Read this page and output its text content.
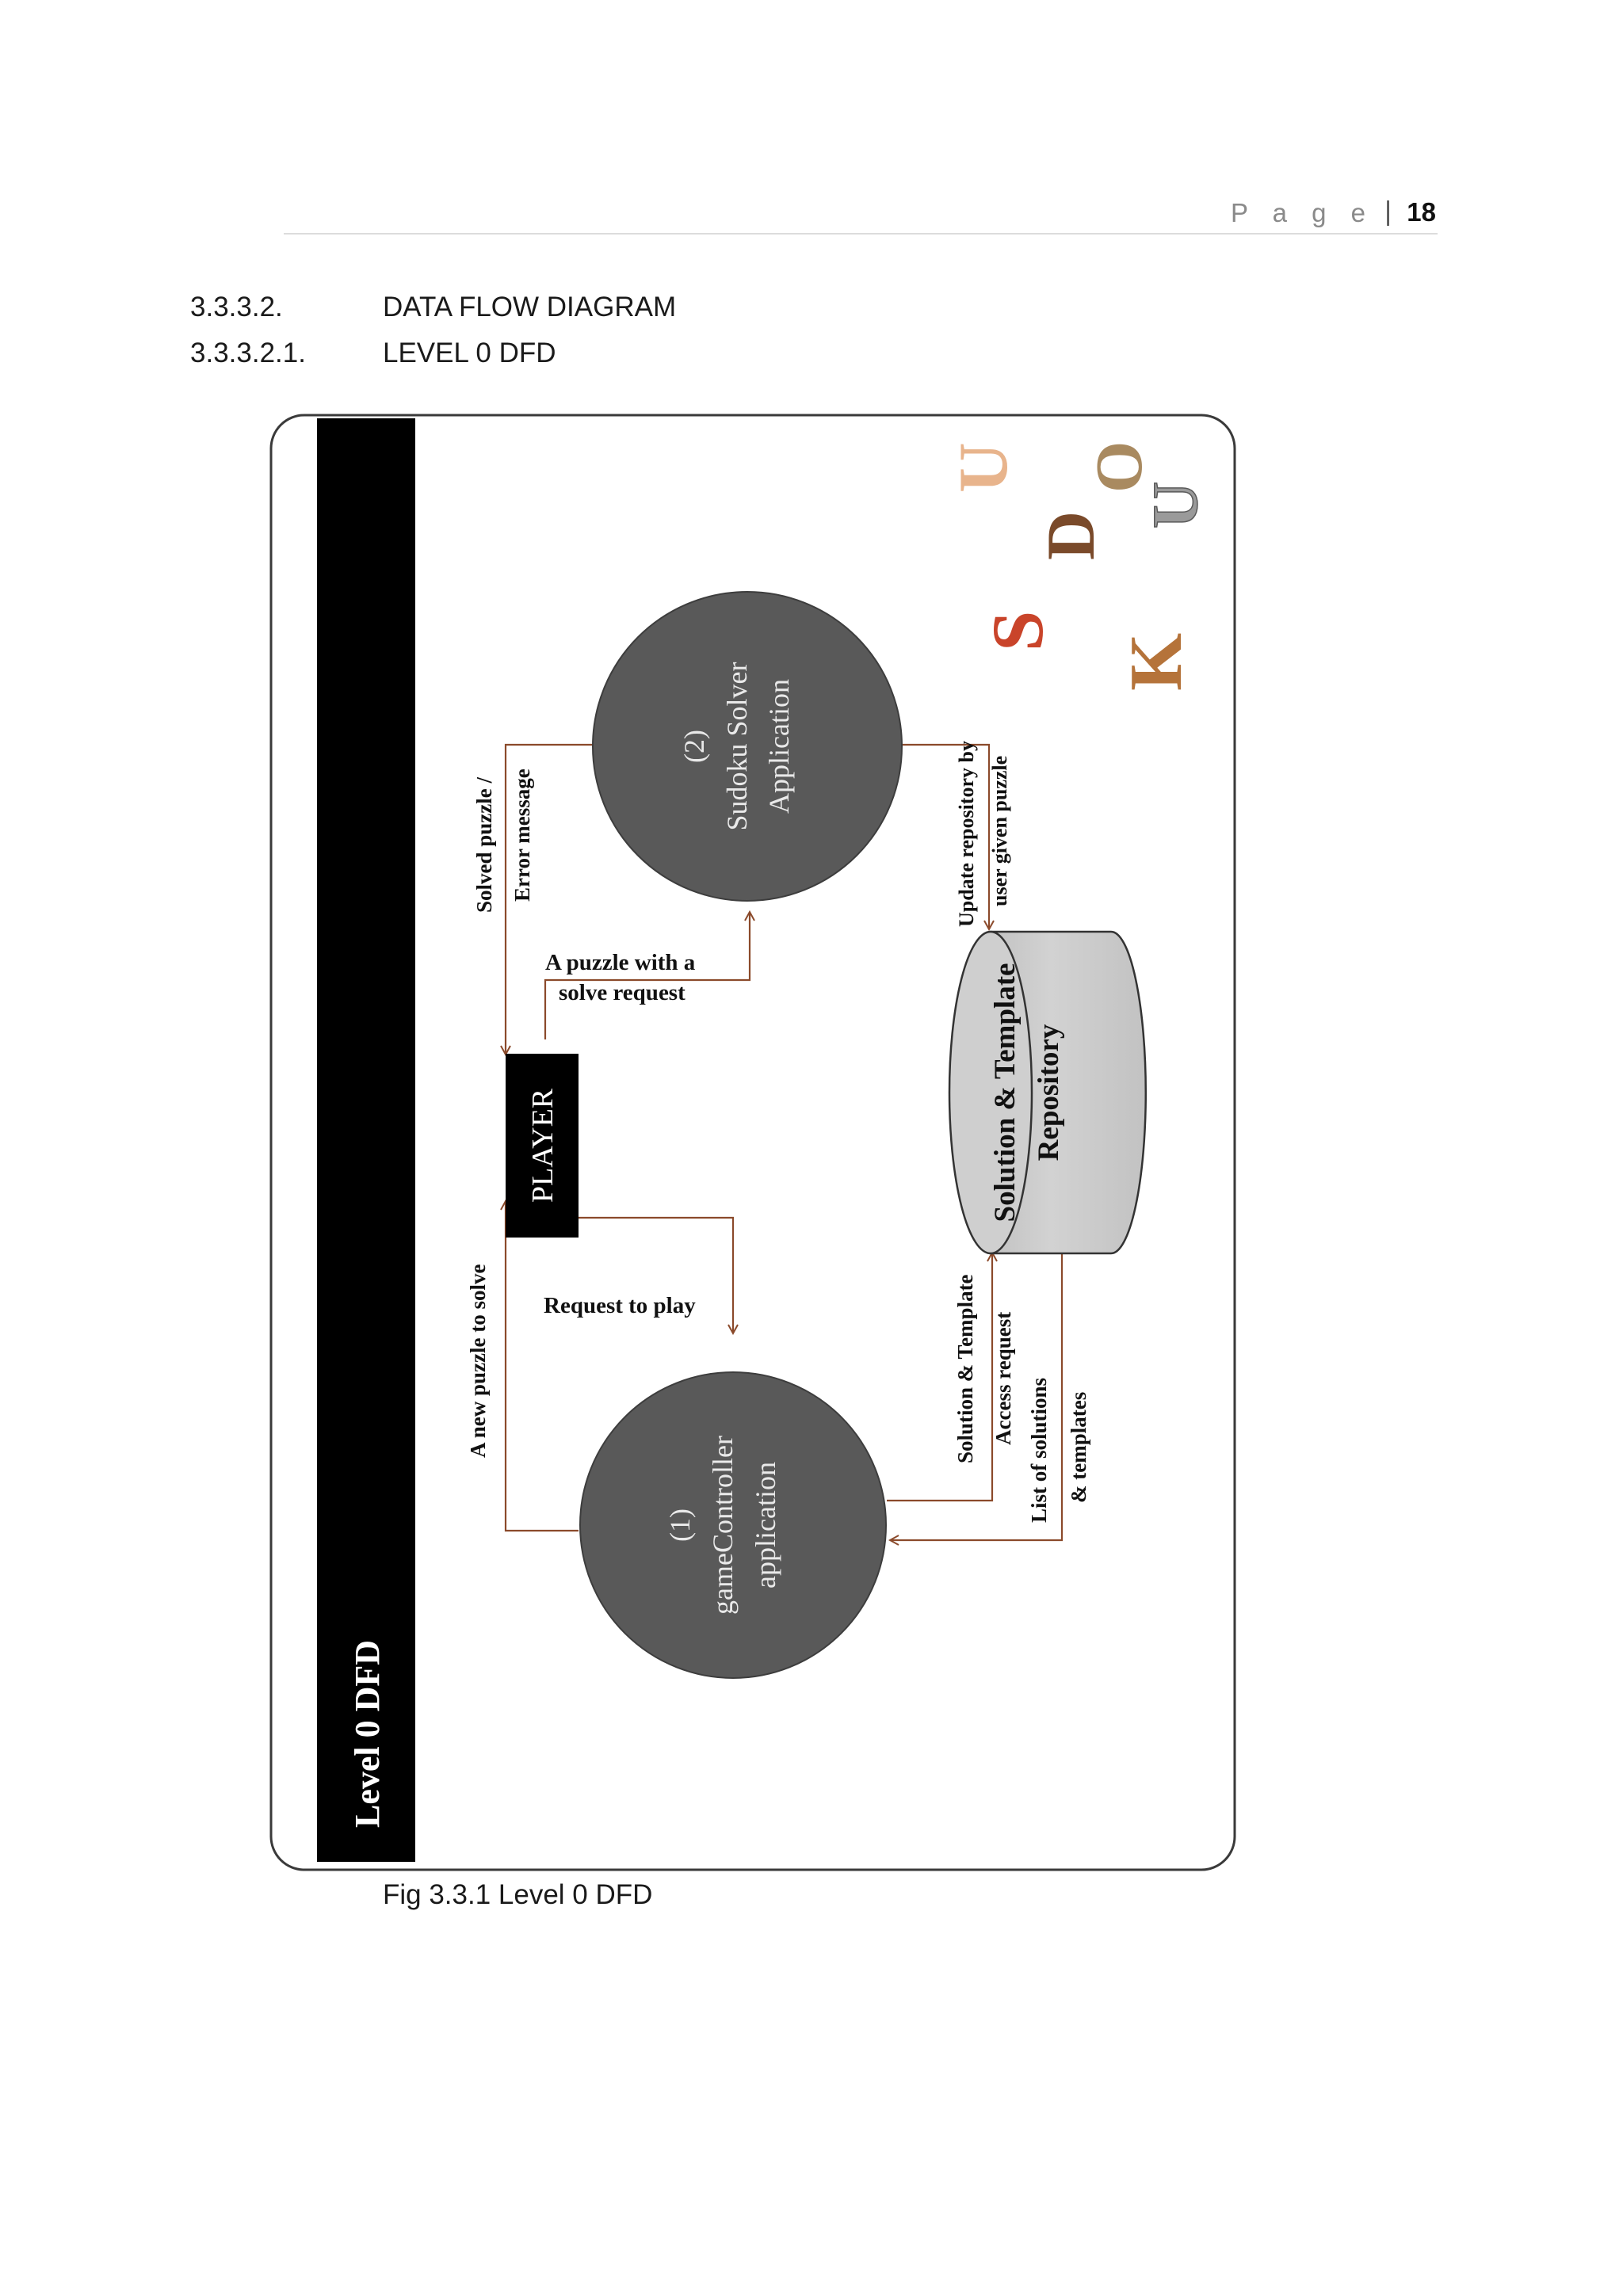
P a g e | 18
3.3.3.2.	DATA FLOW DIAGRAM
3.3.3.2.1.	LEVEL 0 DFD
Level 0 DFD
S
U
D
O
K
U
(2) Sudoku Solver Application
(1) gameController application
PLAYER	Solution & Template Repository
A new puzzle to solve Request to play
A puzzle with a
solve request
Solved puzzle / Error message	Update repository by user given puzzle
Solution & Template Access request List of solutions & templates
Fig 3.3.1 Level 0 DFD
